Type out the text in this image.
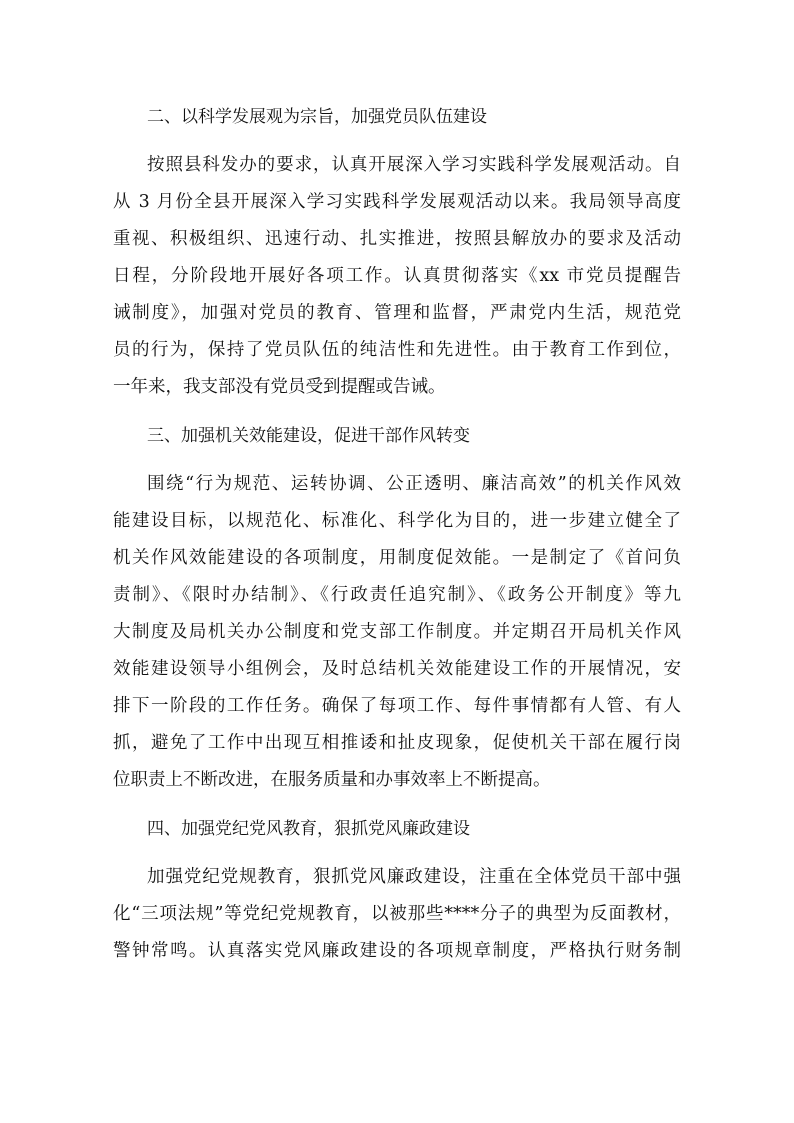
二、以科学发展观为宗旨，加强党员队伍建设
按照县科发办的要求，认真开展深入学习实践科学发展观活动。自
从 3 月份全县开展深入学习实践科学发展观活动以来。我局领导高度
重视、积极组织、迅速行动、扎实推进，按照县解放办的要求及活动
日程，分阶段地开展好各项工作。认真贯彻落实《xx 市党员提醒告
诫制度》，加强对党员的教育、管理和监督，严肃党内生活，规范党
员的行为，保持了党员队伍的纯洁性和先进性。由于教育工作到位，
一年来，我支部没有党员受到提醒或告诫。
三、加强机关效能建设，促进干部作风转变
围绕“行为规范、运转协调、公正透明、廉洁高效”的机关作风效
能建设目标，以规范化、标准化、科学化为目的，进一步建立健全了
机关作风效能建设的各项制度，用制度促效能。一是制定了《首问负
责制》、《限时办结制》、《行政责任追究制》、《政务公开制度》等九
大制度及局机关办公制度和党支部工作制度。并定期召开局机关作风
效能建设领导小组例会，及时总结机关效能建设工作的开展情况，安
排下一阶段的工作任务。确保了每项工作、每件事情都有人管、有人
抓，避免了工作中出现互相推诿和扯皮现象，促使机关干部在履行岗
位职责上不断改进，在服务质量和办事效率上不断提高。
四、加强党纪党风教育，狠抓党风廉政建设
加强党纪党规教育，狠抓党风廉政建设，注重在全体党员干部中强
化“三项法规”等党纪党规教育，以被那些****分子的典型为反面教材，
警钟常鸣。认真落实党风廉政建设的各项规章制度，严格执行财务制
